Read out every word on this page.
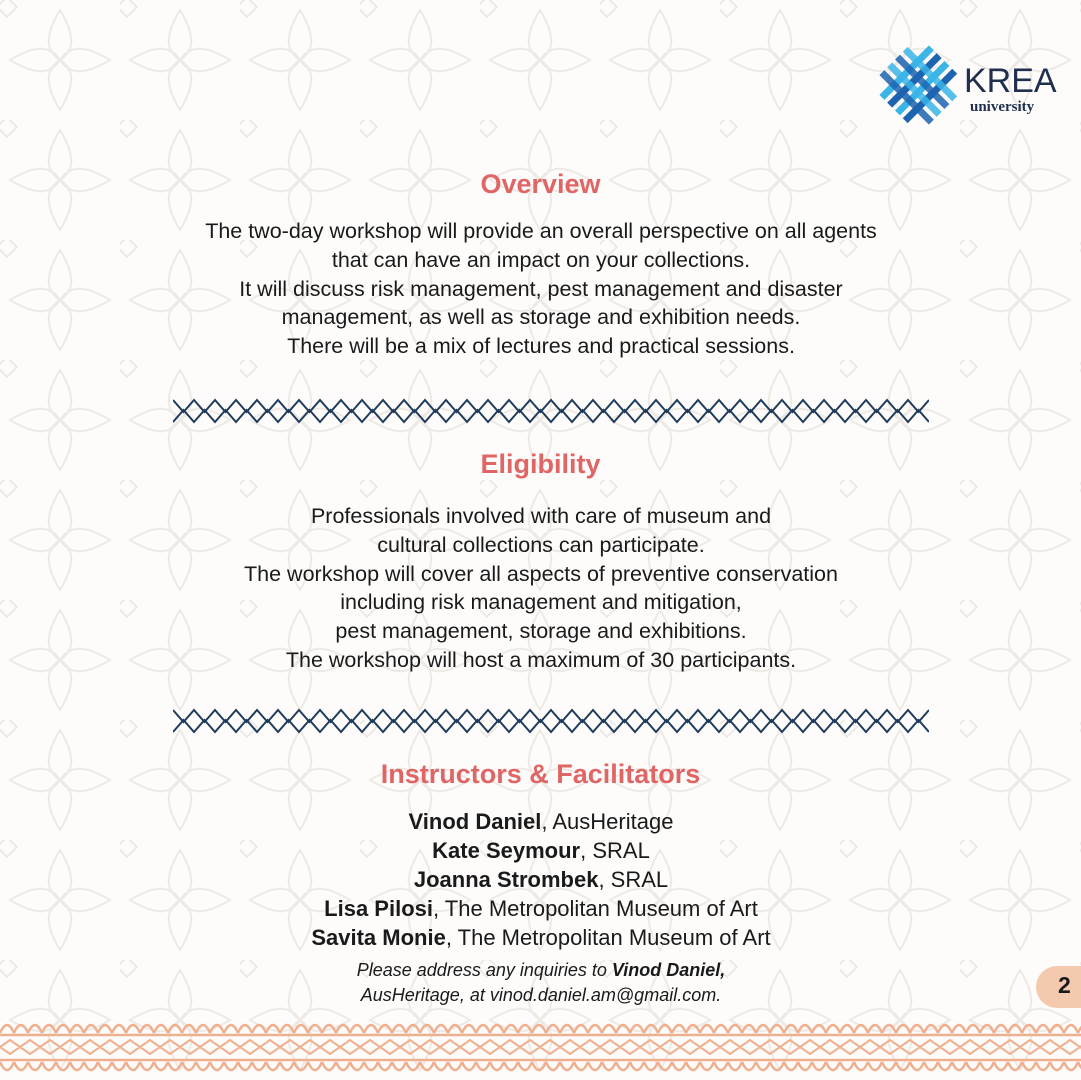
KREA
university
Overview
The two-day workshop will provide an overall perspective on all agents
that can have an impact on your collections.
It will discuss risk management, pest management and disaster
management, as well as storage and exhibition needs.
There will be a mix of lectures and practical sessions.
Eligibility
Professionals involved with care of museum and
cultural collections can participate.
The workshop will cover all aspects of preventive conservation
including risk management and mitigation,
pest management, storage and exhibitions.
The workshop will host a maximum of 30 participants.
Instructors & Facilitators
Vinod Daniel, AusHeritage
Kate Seymour, SRAL
Joanna Strombek, SRAL
Lisa Pilosi, The Metropolitan Museum of Art
Savita Monie, The Metropolitan Museum of Art
Please address any inquiries to Vinod Daniel,
AusHeritage, at vinod.daniel.am@gmail.com.	2
